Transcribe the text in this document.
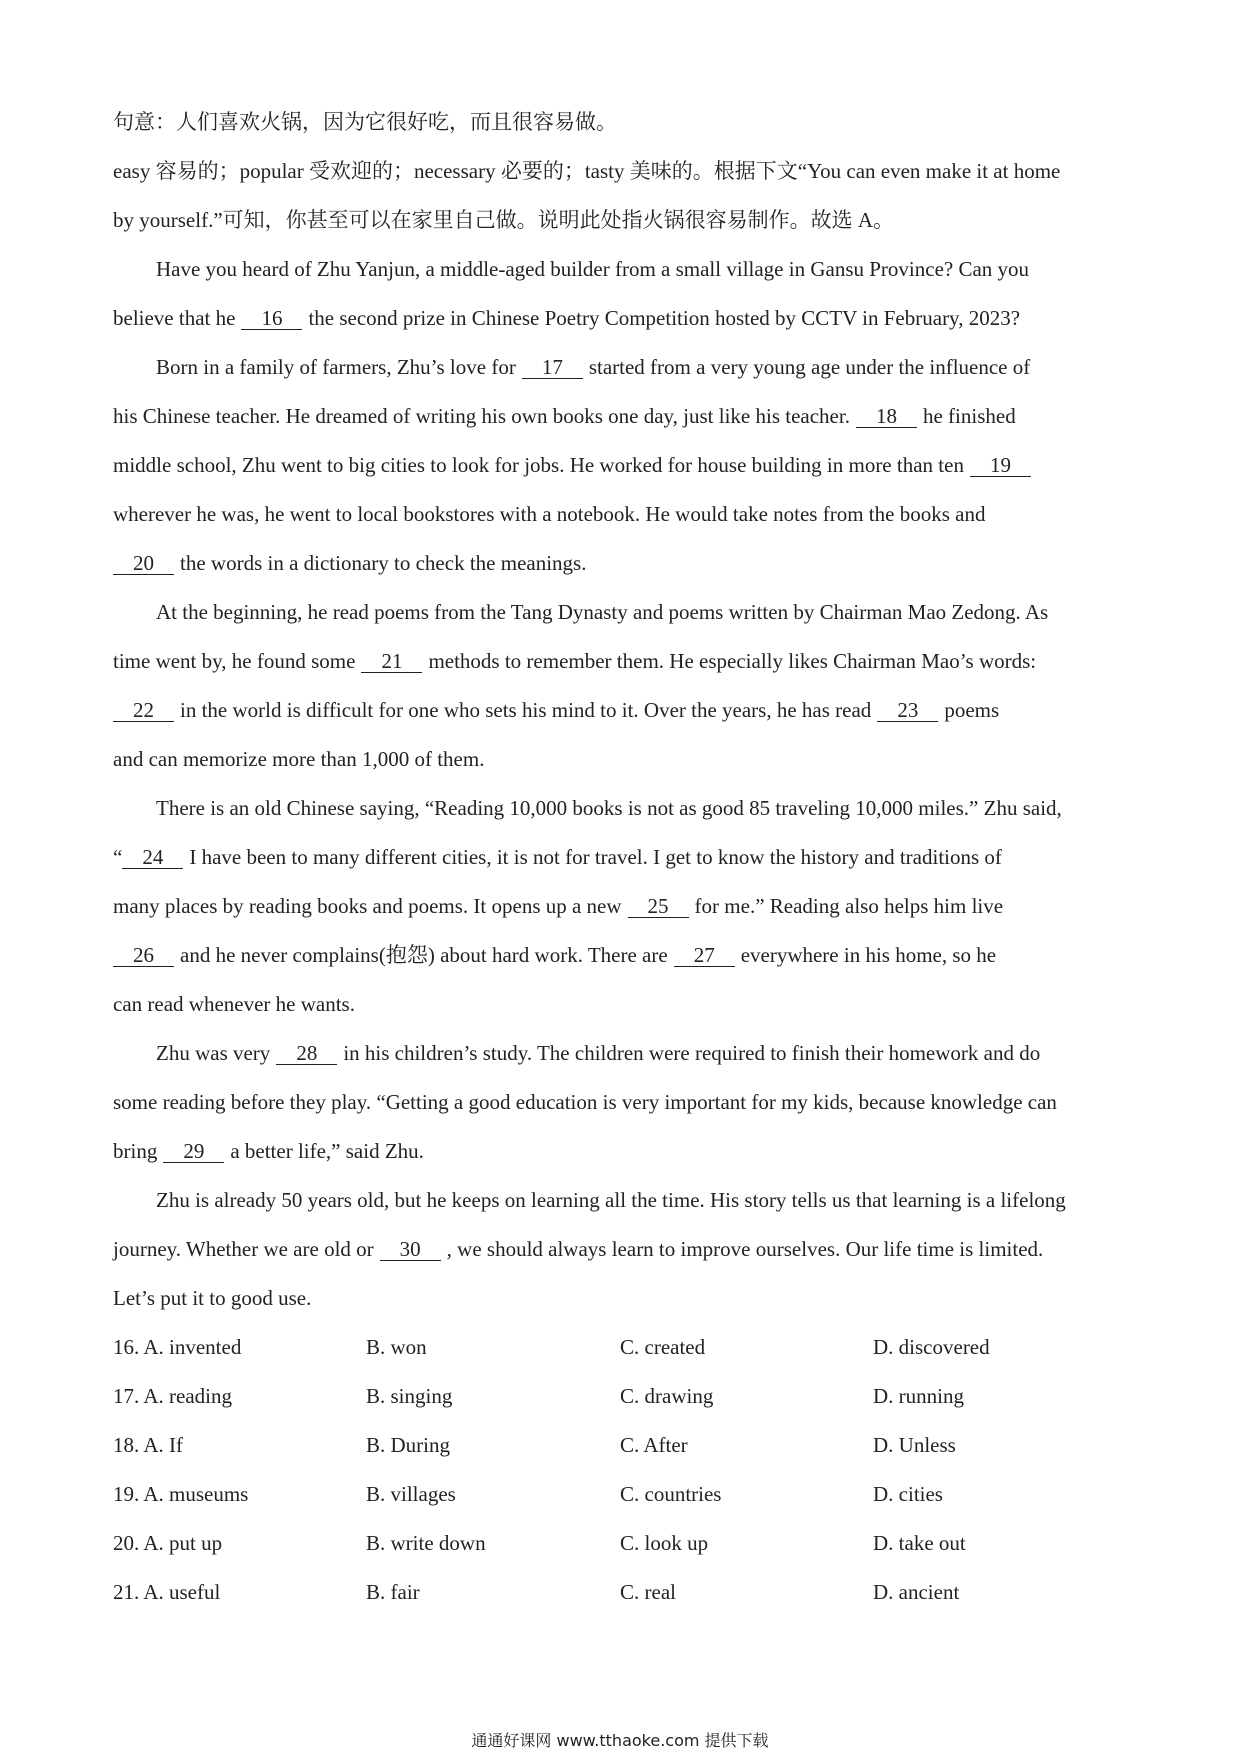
句意：人们喜欢火锅，因为它很好吃，而且很容易做。
easy 容易的；popular 受欢迎的；necessary 必要的；tasty 美味的。根据下文“You can even make it at home
by yourself.”可知，你甚至可以在家里自己做。说明此处指火锅很容易制作。故选 A。
Have you heard of Zhu Yanjun, a middle-aged builder from a small village in Gansu Province? Can you
believe that he 16 the second prize in Chinese Poetry Competition hosted by CCTV in February, 2023?
Born in a family of farmers, Zhu’s love for 17 started from a very young age under the influence of
his Chinese teacher. He dreamed of writing his own books one day, just like his teacher. 18 he finished
middle school, Zhu went to big cities to look for jobs. He worked for house building in more than ten 19
wherever he was, he went to local bookstores with a notebook. He would take notes from the books and
20 the words in a dictionary to check the meanings.
At the beginning, he read poems from the Tang Dynasty and poems written by Chairman Mao Zedong. As
time went by, he found some 21 methods to remember them. He especially likes Chairman Mao’s words:
22 in the world is difficult for one who sets his mind to it. Over the years, he has read 23 poems
and can memorize more than 1,000 of them.
There is an old Chinese saying, “Reading 10,000 books is not as good 85 traveling 10,000 miles.” Zhu said,
“ 24 I have been to many different cities, it is not for travel. I get to know the history and traditions of
many places by reading books and poems. It opens up a new 25 for me.” Reading also helps him live
26 and he never complains(抱怨) about hard work. There are 27 everywhere in his home, so he
can read whenever he wants.
Zhu was very 28 in his children’s study. The children were required to finish their homework and do
some reading before they play. “Getting a good education is very important for my kids, because knowledge can
bring 29 a better life,” said Zhu.
Zhu is already 50 years old, but he keeps on learning all the time. His story tells us that learning is a lifelong
journey. Whether we are old or 30 , we should always learn to improve ourselves. Our life time is limited.
Let’s put it to good use.
16. A. invented	B. won	C. created	D. discovered
17. A. reading	B. singing	C. drawing	D. running
18. A. If	B. During	C. After	D. Unless
19. A. museums	B. villages	C. countries	D. cities
20. A. put up	B. write down	C. look up	D. take out
21. A. useful	B. fair	C. real	D. ancient
通通好课网 www.tthaoke.com 提供下载
